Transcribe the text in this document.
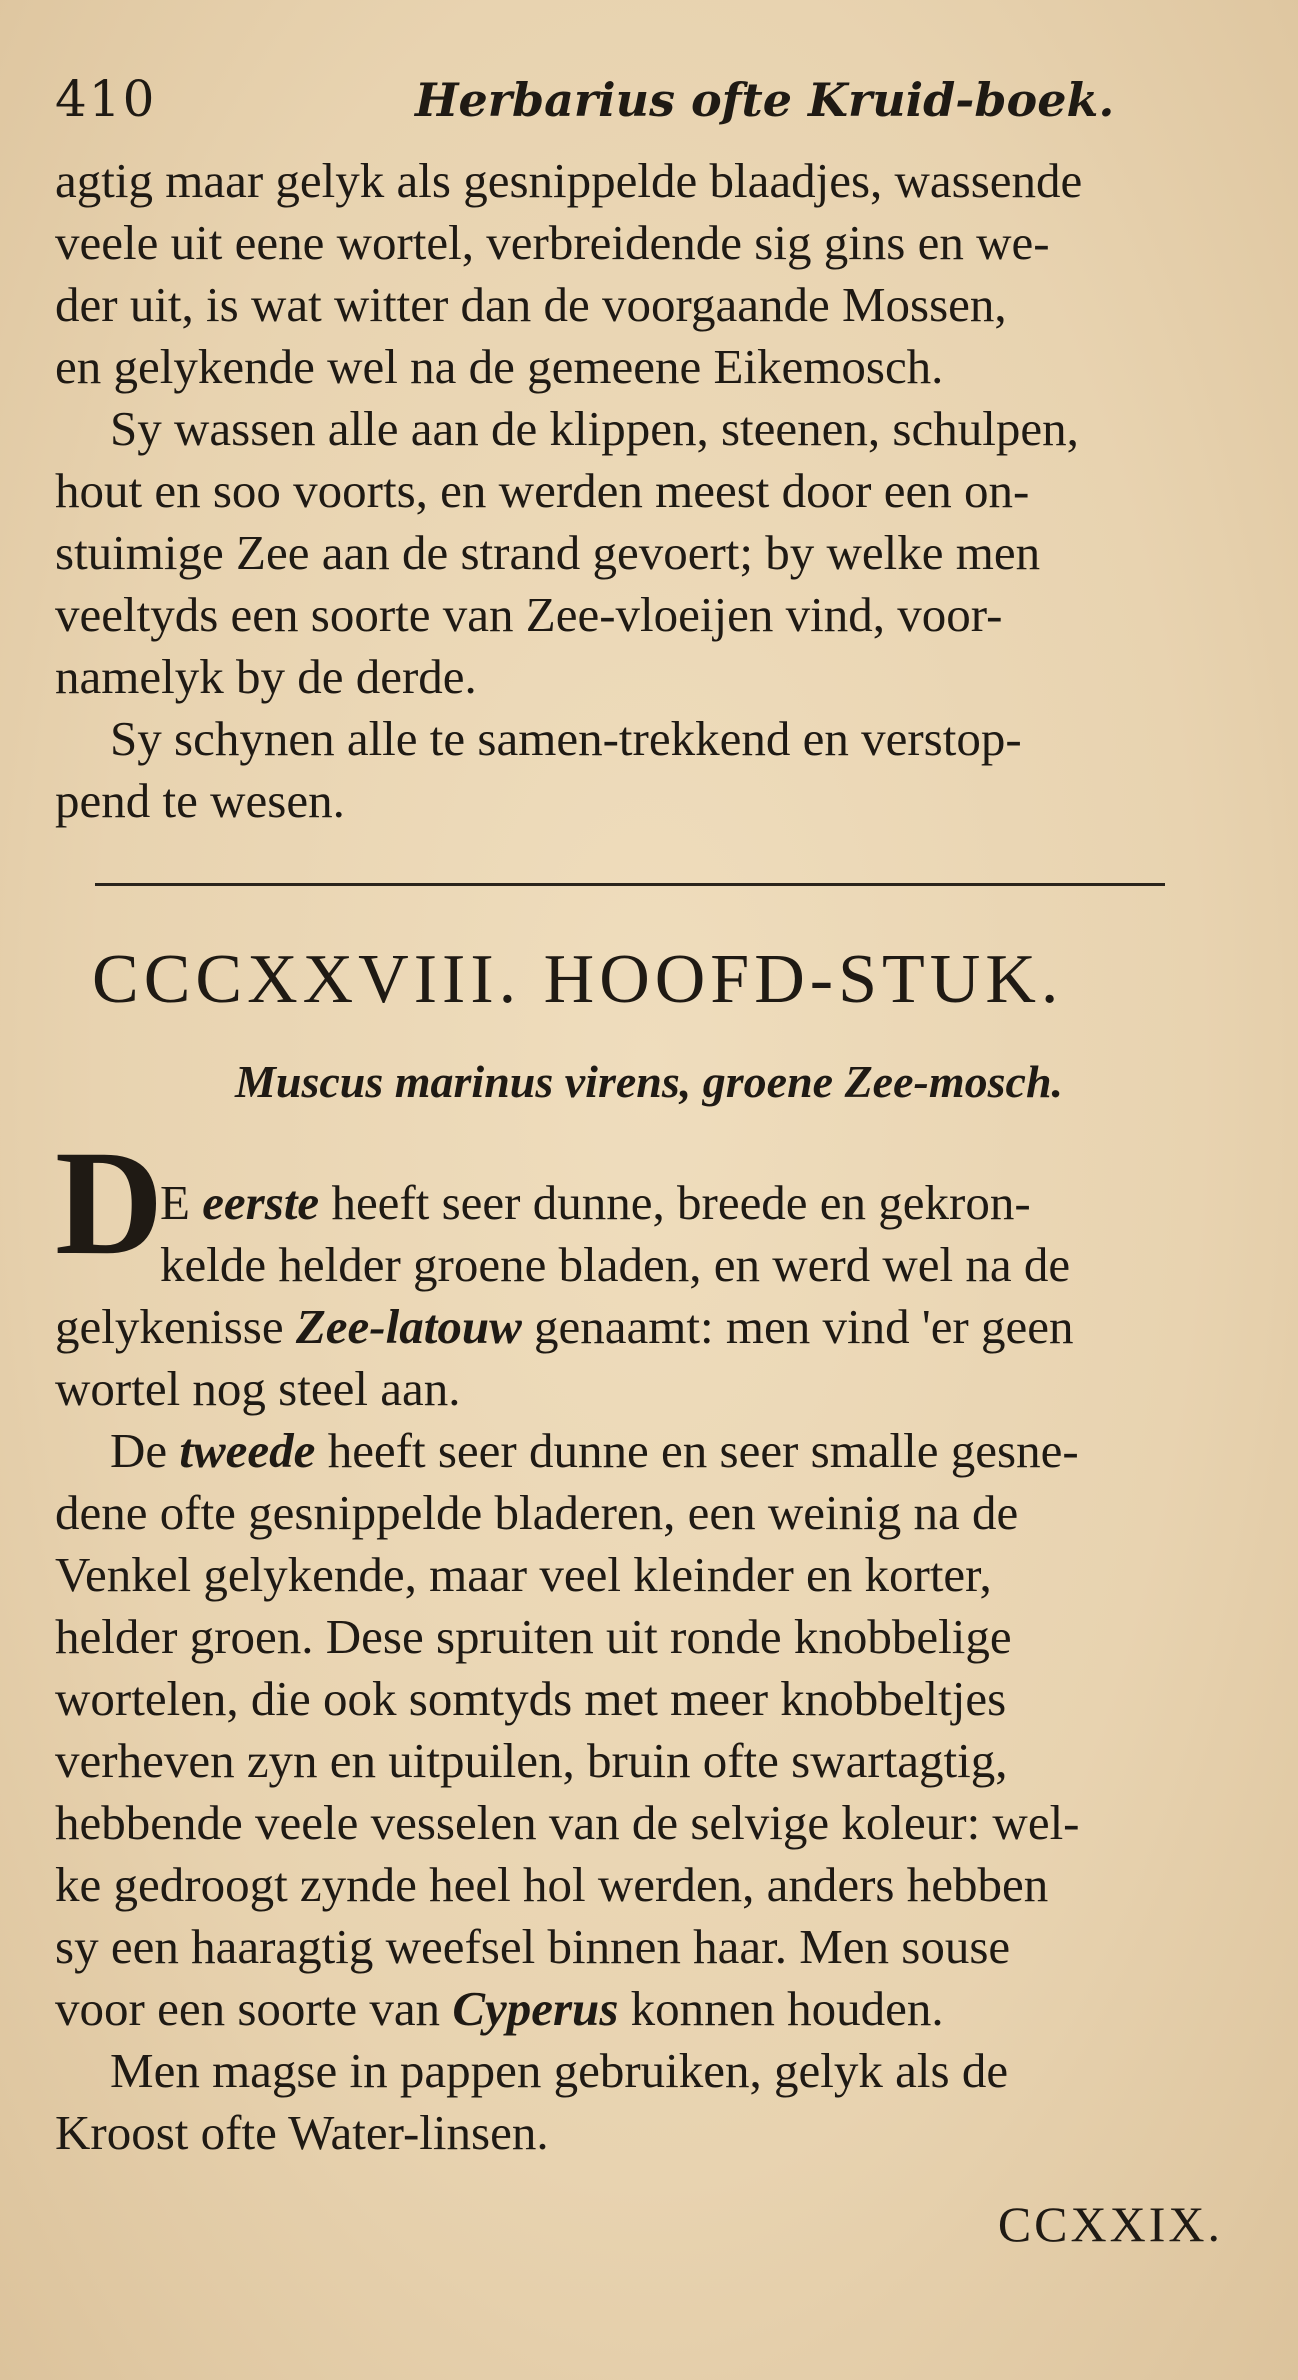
410	Herbarius ofte Kruid-boek.
agtig maar gelyk als gesnippelde blaadjes, wassende
veele uit eene wortel, verbreidende sig gins en we-
der uit, is wat witter dan de voorgaande Mossen,
en gelykende wel na de gemeene Eikemosch.
Sy wassen alle aan de klippen, steenen, schulpen,
hout en soo voorts, en werden meest door een on-
stuimige Zee aan de strand gevoert; by welke men
veeltyds een soorte van Zee-vloeijen vind, voor-
namelyk by de derde.
Sy schynen alle te samen-trekkend en verstop-
pend te wesen.
CCCXXVIII. HOOFD-STUK.
Muscus marinus virens, groene Zee-mosch.
D
E eerste heeft seer dunne, breede en gekron-
kelde helder groene bladen, en werd wel na de
gelykenisse Zee-latouw genaamt: men vind 'er geen
wortel nog steel aan.
De tweede heeft seer dunne en seer smalle gesne-
dene ofte gesnippelde bladeren, een weinig na de
Venkel gelykende, maar veel kleinder en korter,
helder groen. Dese spruiten uit ronde knobbelige
wortelen, die ook somtyds met meer knobbeltjes
verheven zyn en uitpuilen, bruin ofte swartagtig,
hebbende veele vesselen van de selvige koleur: wel-
ke gedroogt zynde heel hol werden, anders hebben
sy een haaragtig weefsel binnen haar. Men souse
voor een soorte van Cyperus konnen houden.
Men magse in pappen gebruiken, gelyk als de
Kroost ofte Water-linsen.
CCXXIX.
